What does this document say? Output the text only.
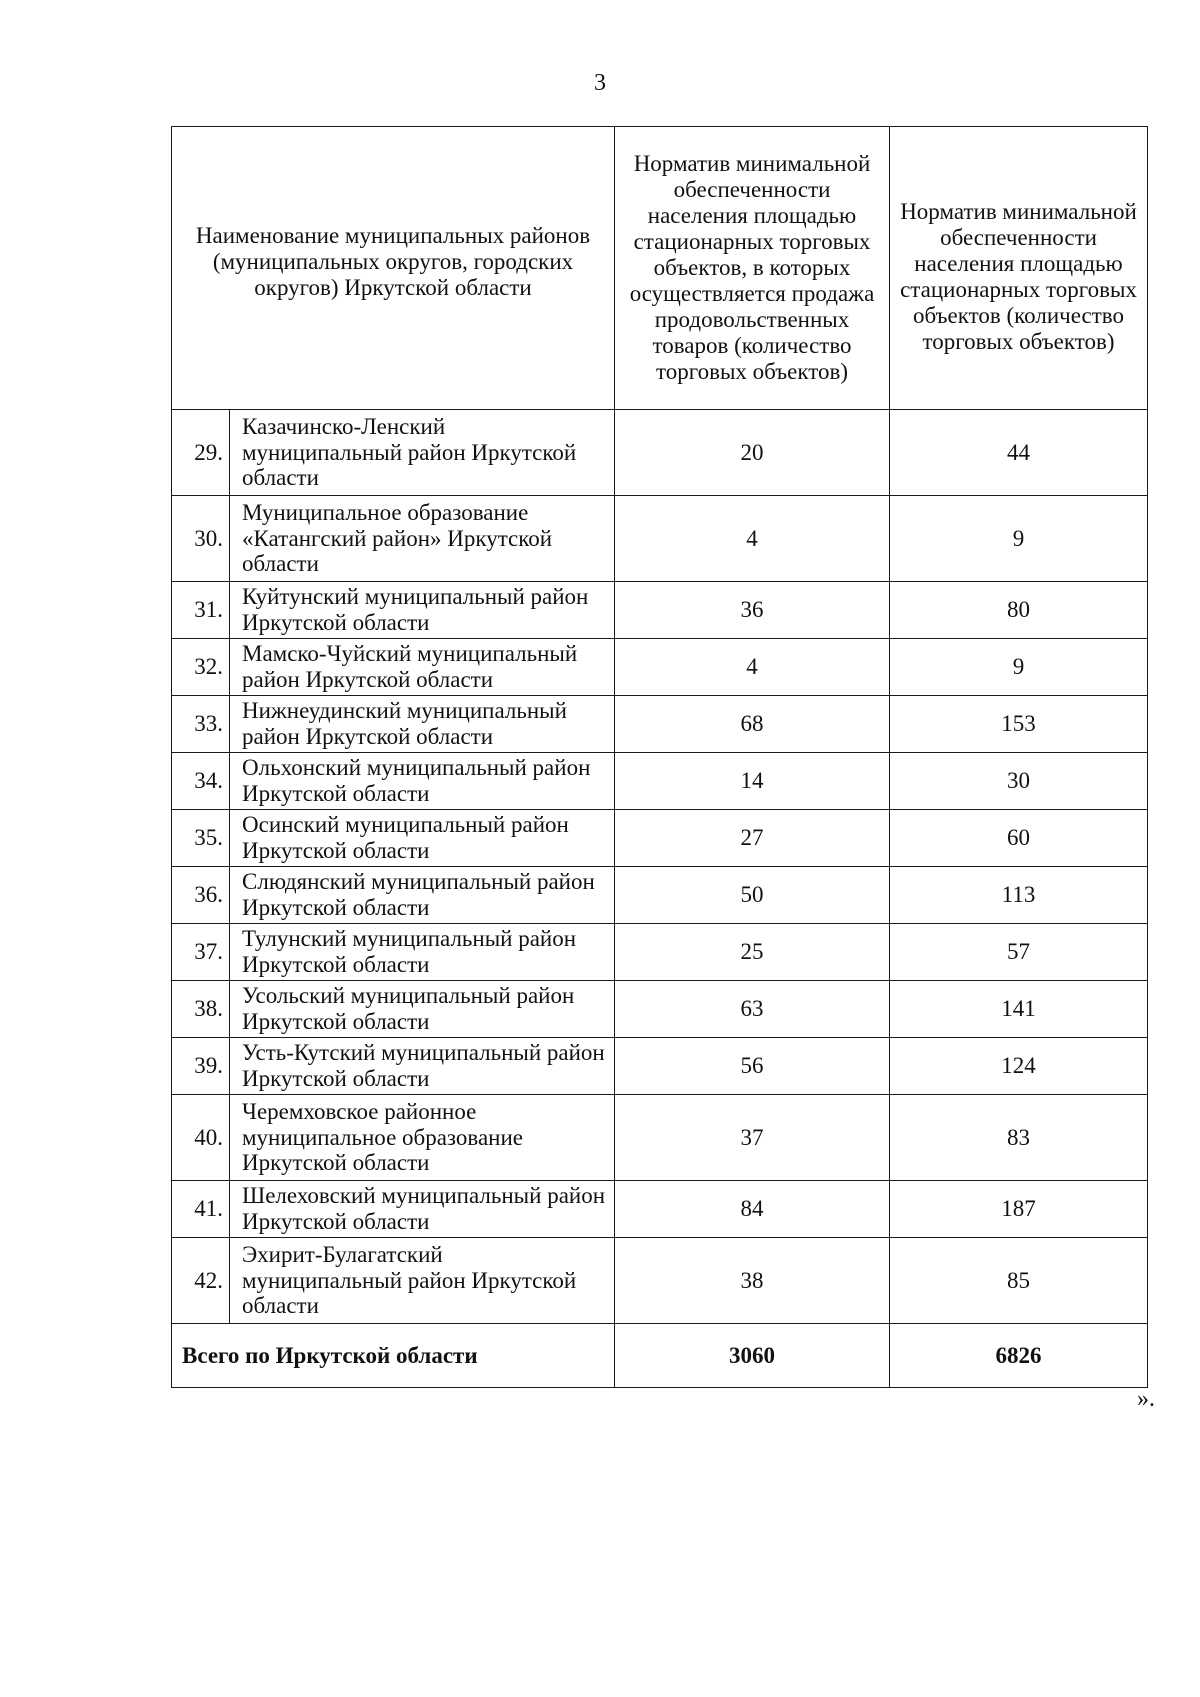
3
Наименование муниципальных районов (муниципальных округов, городских округов) Иркутской области		Норматив минимальной обеспеченности населения площадью стационарных торговых объектов, в которых осуществляется продажа продовольственных товаров (количество торговых объектов)	Норматив минимальной обеспеченности населения площадью стационарных торговых объектов (количество торговых объектов)
29.	Казачинско-Ленский муниципальный район Иркутской области	20	44
30.	Муниципальное образование «Катангский район» Иркутской области	4	9
31.	Куйтунский муниципальный район Иркутской области	36	80
32.	Мамско-Чуйский муниципальный район Иркутской области	4	9
33.	Нижнеудинский муниципальный район Иркутской области	68	153
34.	Ольхонский муниципальный район Иркутской области	14	30
35.	Осинский муниципальный район Иркутской области	27	60
36.	Слюдянский муниципальный район Иркутской области	50	113
37.	Тулунский муниципальный район Иркутской области	25	57
38.	Усольский муниципальный район Иркутской области	63	141
39.	Усть-Кутский муниципальный район Иркутской области	56	124
40.	Черемховское районное муниципальное образование Иркутской области	37	83
41.	Шелеховский муниципальный район Иркутской области	84	187
42.	Эхирит-Булагатский муниципальный район Иркутской области	38	85
Всего по Иркутской области		3060	6826
».
